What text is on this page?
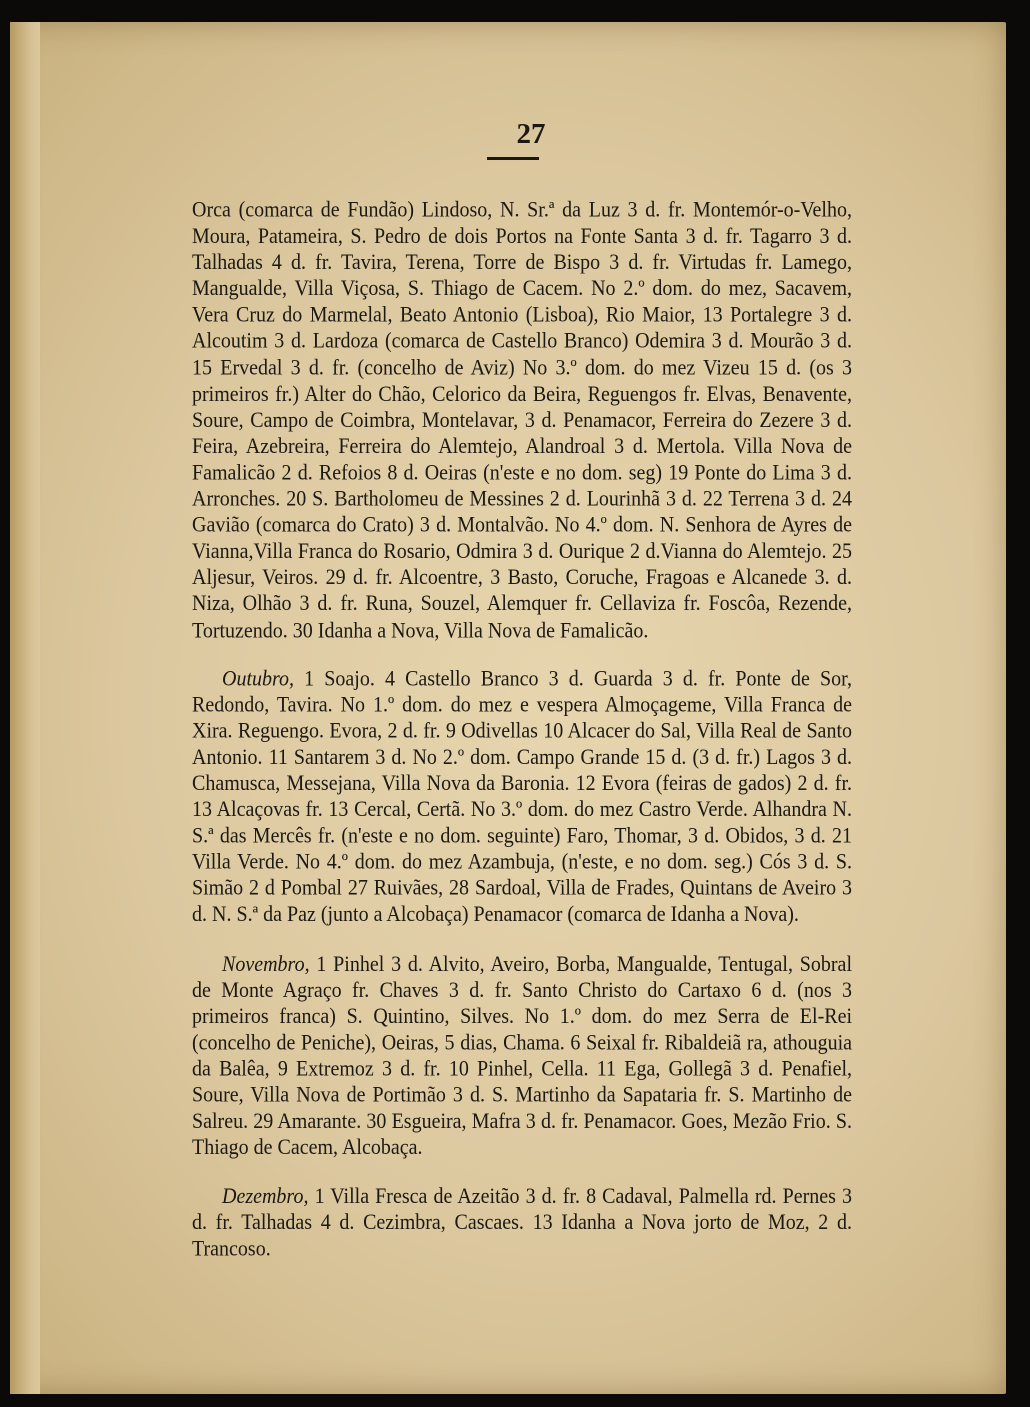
27

Orca (comarca de Fundão) Lindoso, N. Sr.ª da Luz 3 d. fr. Montemór-o-Velho, Moura, Patameira, S. Pedro de dois Portos na Fonte Santa 3 d. fr. Tagarro 3 d. Talhadas 4 d. fr. Tavira, Terena, Torre de Bispo 3 d. fr. Virtudas fr. Lamego, Mangualde, Villa Viçosa, S. Thiago de Cacem. No 2.º dom. do mez, Sacavem, Vera Cruz do Marmelal, Beato Antonio (Lisboa), Rio Maior, 13 Portalegre 3 d. Alcoutim 3 d. Lardoza (comarca de Castello Branco) Odemira 3 d. Mourão 3 d. 15 Ervedal 3 d. fr. (concelho de Aviz) No 3.º dom. do mez Vizeu 15 d. (os 3 primeiros fr.) Alter do Chão, Celorico da Beira, Reguengos fr. Elvas, Benavente, Soure, Campo de Coimbra, Montelavar, 3 d. Penamacor, Ferreira do Zezere 3 d. Feira, Azebreira, Ferreira do Alemtejo, Alandroal 3 d. Mertola. Villa Nova de Famalicão 2 d. Refoios 8 d. Oeiras (n'este e no dom. seg) 19 Ponte do Lima 3 d. Arronches. 20 S. Bartholomeu de Messines 2 d. Lourinhã 3 d. 22 Terrena 3 d. 24 Gavião (comarca do Crato) 3 d. Montalvão. No 4.º dom. N. Senhora de Ayres de Vianna,Villa Franca do Rosario, Odmira 3 d. Ourique 2 d.Vianna do Alemtejo. 25 Aljesur, Veiros. 29 d. fr. Alcoentre, 3 Basto, Coruche, Fragoas e Alcanede 3. d. Niza, Olhão 3 d. fr. Runa, Souzel, Alemquer fr. Cellaviza fr. Foscôa, Rezende, Tortuzendo. 30 Idanha a Nova, Villa Nova de Famalicão.

Outubro, 1 Soajo. 4 Castello Branco 3 d. Guarda 3 d. fr. Ponte de Sor, Redondo, Tavira. No 1.º dom. do mez e vespera Almoçageme, Villa Franca de Xira. Reguengo. Evora, 2 d. fr. 9 Odivellas 10 Alcacer do Sal, Villa Real de Santo Antonio. 11 Santarem 3 d. No 2.º dom. Campo Grande 15 d. (3 d. fr.) Lagos 3 d. Chamusca, Messejana, Villa Nova da Baronia. 12 Evora (feiras de gados) 2 d. fr. 13 Alcaçovas fr. 13 Cercal, Certã. No 3.º dom. do mez Castro Verde. Alhandra N. S.ª das Mercês fr. (n'este e no dom. seguinte) Faro, Thomar, 3 d. Obidos, 3 d. 21 Villa Verde. No 4.º dom. do mez Azambuja, (n'este, e no dom. seg.) Cós 3 d. S. Simão 2 d Pombal 27 Ruivães, 28 Sardoal, Villa de Frades, Quintans de Aveiro 3 d. N. S.ª da Paz (junto a Alcobaça) Penamacor (comarca de Idanha a Nova).

Novembro, 1 Pinhel 3 d. Alvito, Aveiro, Borba, Mangualde, Tentugal, Sobral de Monte Agraço fr. Chaves 3 d. fr. Santo Christo do Cartaxo 6 d. (nos 3 primeiros franca) S. Quintino, Silves. No 1.º dom. do mez Serra de El-Rei (concelho de Peniche), Oeiras, 5 dias, Chama. 6 Seixal fr. Ribaldeiã ra, athouguia da Balêa, 9 Extremoz 3 d. fr. 10 Pinhel, Cella. 11 Ega, Gollegã 3 d. Penafiel, Soure, Villa Nova de Portimão 3 d. S. Martinho da Sapataria fr. S. Martinho de Salreu. 29 Amarante. 30 Esgueira, Mafra 3 d. fr. Penamacor. Goes, Mezão Frio. S. Thiago de Cacem, Alcobaça.

Dezembro, 1 Villa Fresca de Azeitão 3 d. fr. 8 Cadaval, Palmella rd. Pernes 3 d. fr. Talhadas 4 d. Cezimbra, Cascaes. 13 Idanha a Nova jorto de Moz, 2 d. Trancoso.
